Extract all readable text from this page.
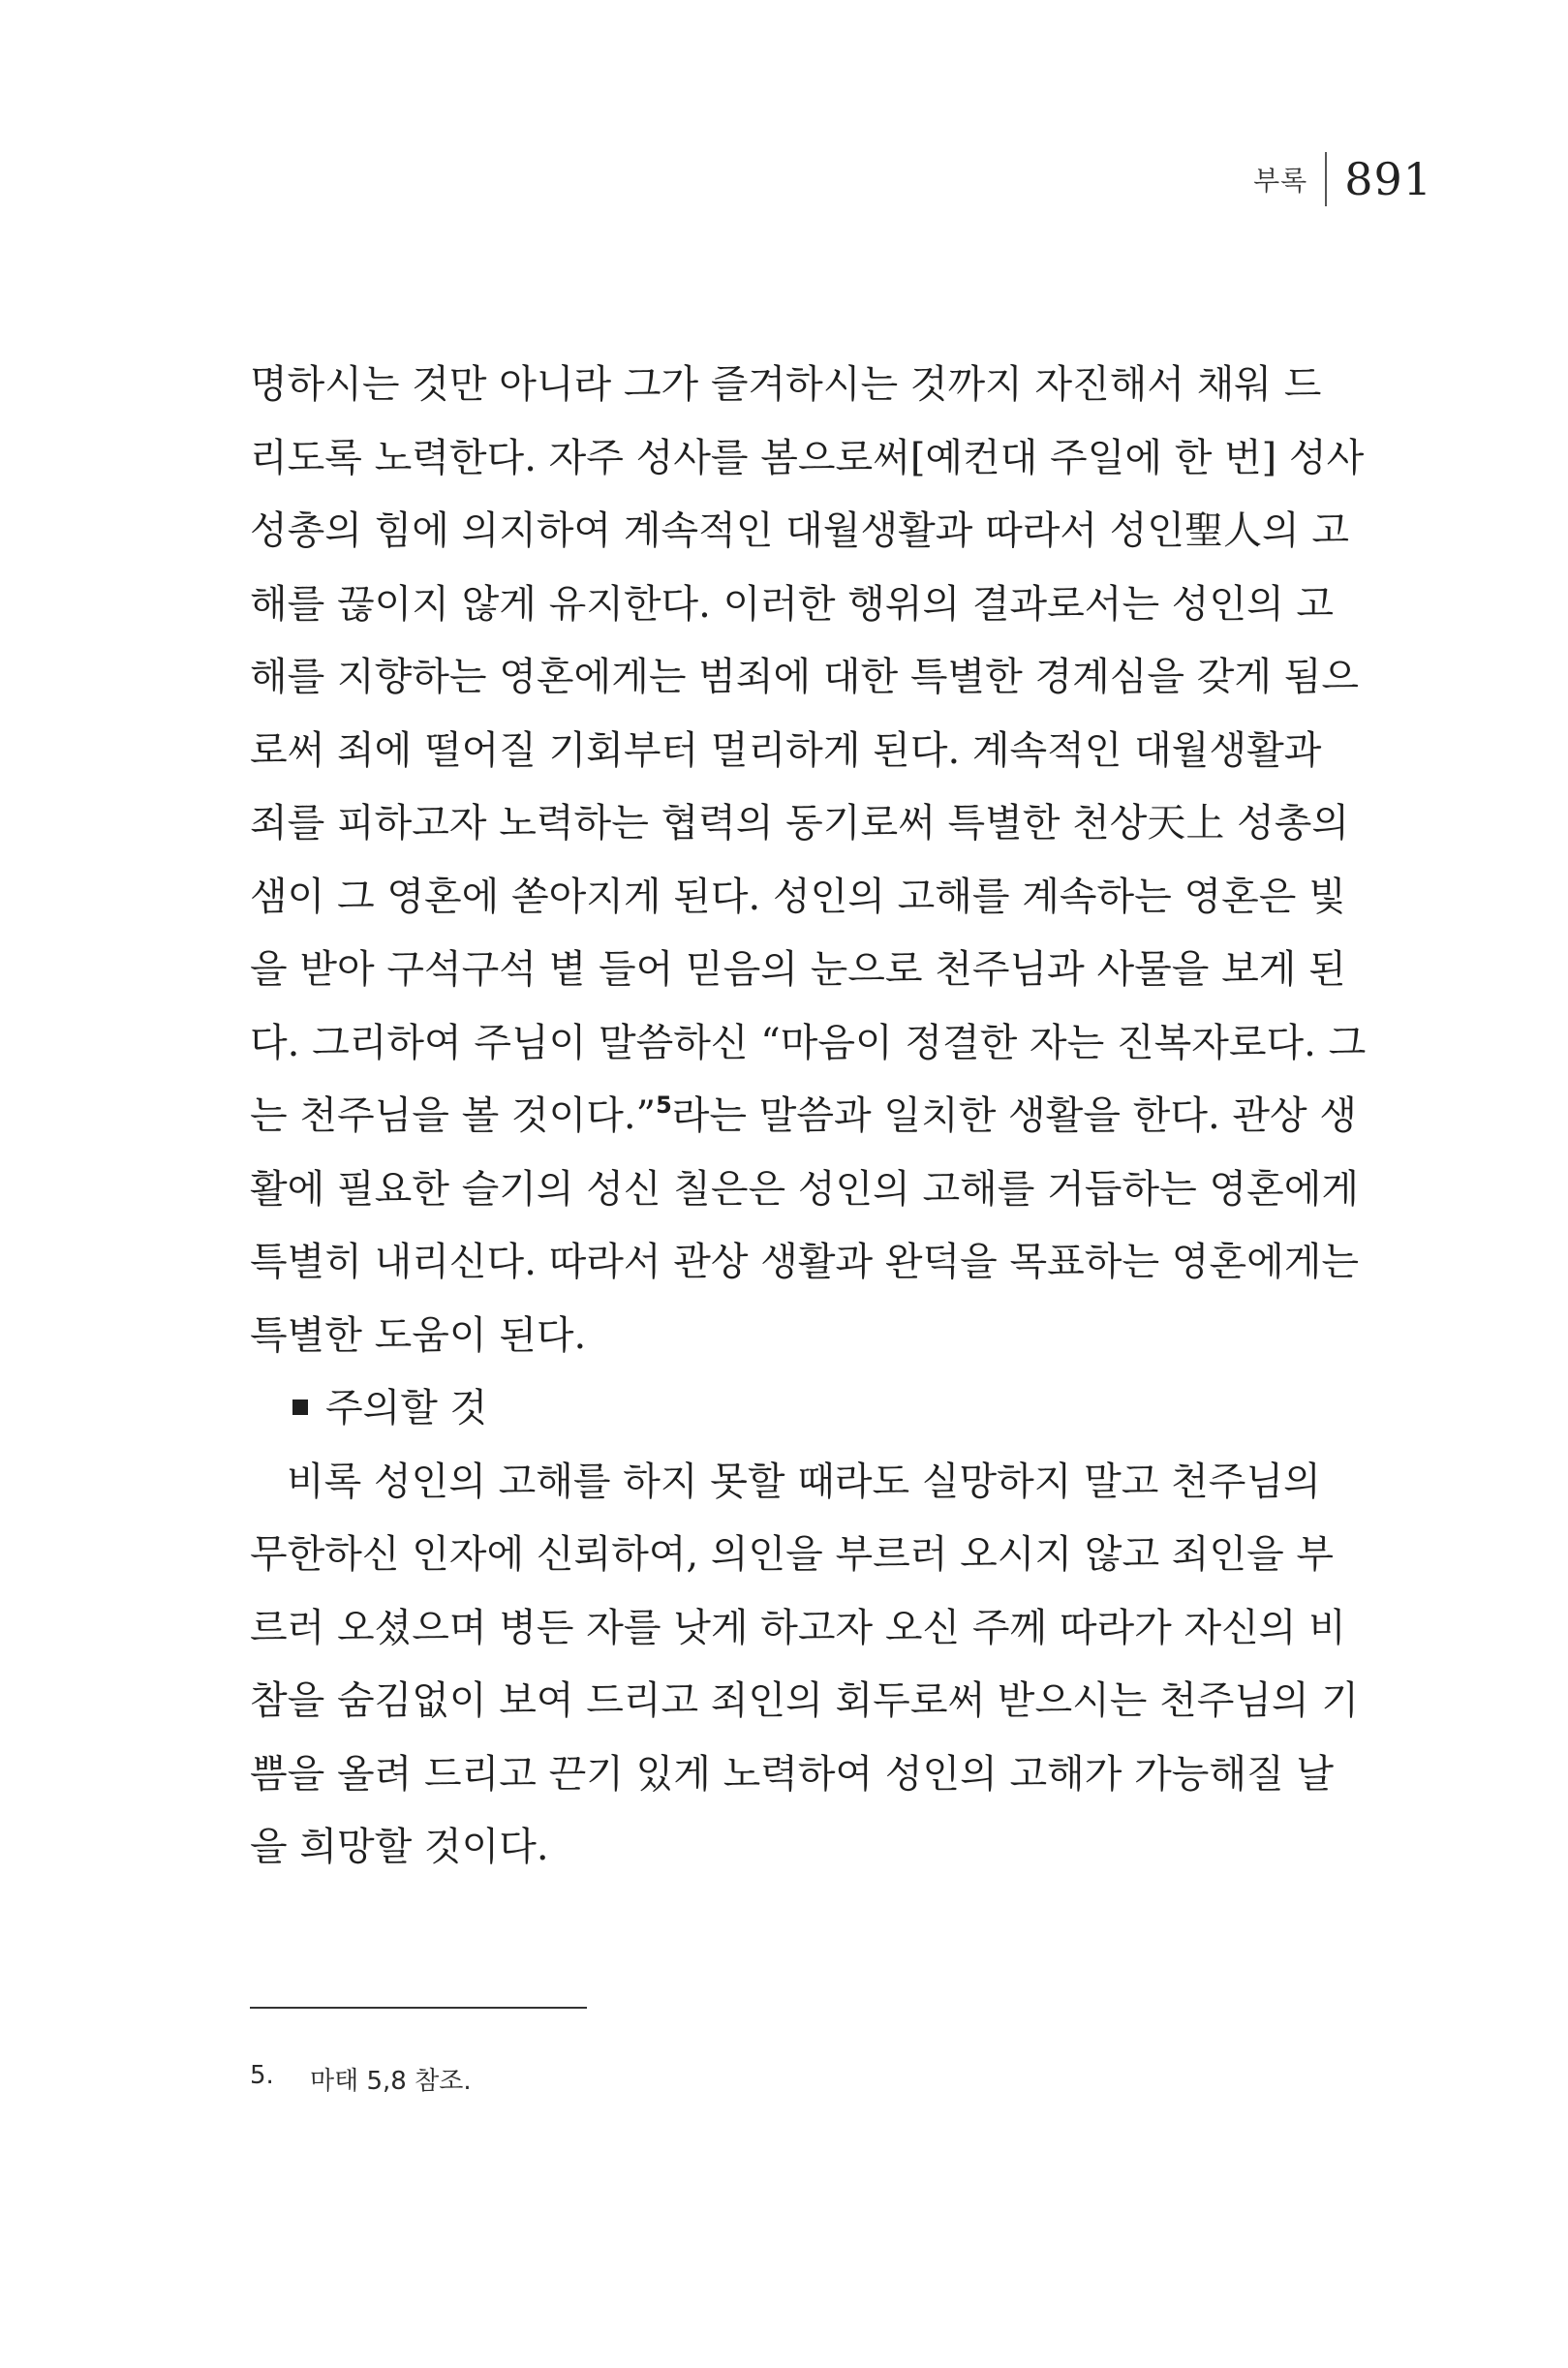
부록 891
명하시는 것만 아니라 그가 즐겨하시는 것까지 자진해서 채워 드
리도록 노력한다. 자주 성사를 봄으로써[예컨대 주일에 한 번] 성사
성총의 힘에 의지하여 계속적인 대월생활과 따라서 성인聖人의 고
해를 끊이지 않게 유지한다. 이러한 행위의 결과로서는 성인의 고
해를 지향하는 영혼에게는 범죄에 대한 특별한 경계심을 갖게 됨으
로써 죄에 떨어질 기회부터 멀리하게 된다. 계속적인 대월생활과
죄를 피하고자 노력하는 협력의 동기로써 특별한 천상天上 성총의
샘이 그 영혼에 쏟아지게 된다. 성인의 고해를 계속하는 영혼은 빛
을 받아 구석구석 볕 들어 믿음의 눈으로 천주님과 사물을 보게 된
다. 그리하여 주님이 말씀하신 “마음이 정결한 자는 진복자로다. 그
는 천주님을 볼 것이다.”$^5$라는 말씀과 일치한 생활을 한다. 관상 생
활에 필요한 슬기의 성신 칠은은 성인의 고해를 거듭하는 영혼에게
특별히 내리신다. 따라서 관상 생활과 완덕을 목표하는 영혼에게는
특별한 도움이 된다.
주의할 것
비록 성인의 고해를 하지 못할 때라도 실망하지 말고 천주님의
무한하신 인자에 신뢰하여, 의인을 부르러 오시지 않고 죄인을 부
르러 오셨으며 병든 자를 낫게 하고자 오신 주께 따라가 자신의 비
참을 숨김없이 보여 드리고 죄인의 회두로써 받으시는 천주님의 기
쁨을 올려 드리고 끈기 있게 노력하여 성인의 고해가 가능해질 날
을 희망할 것이다.
5.	마태 5,8 참조.
